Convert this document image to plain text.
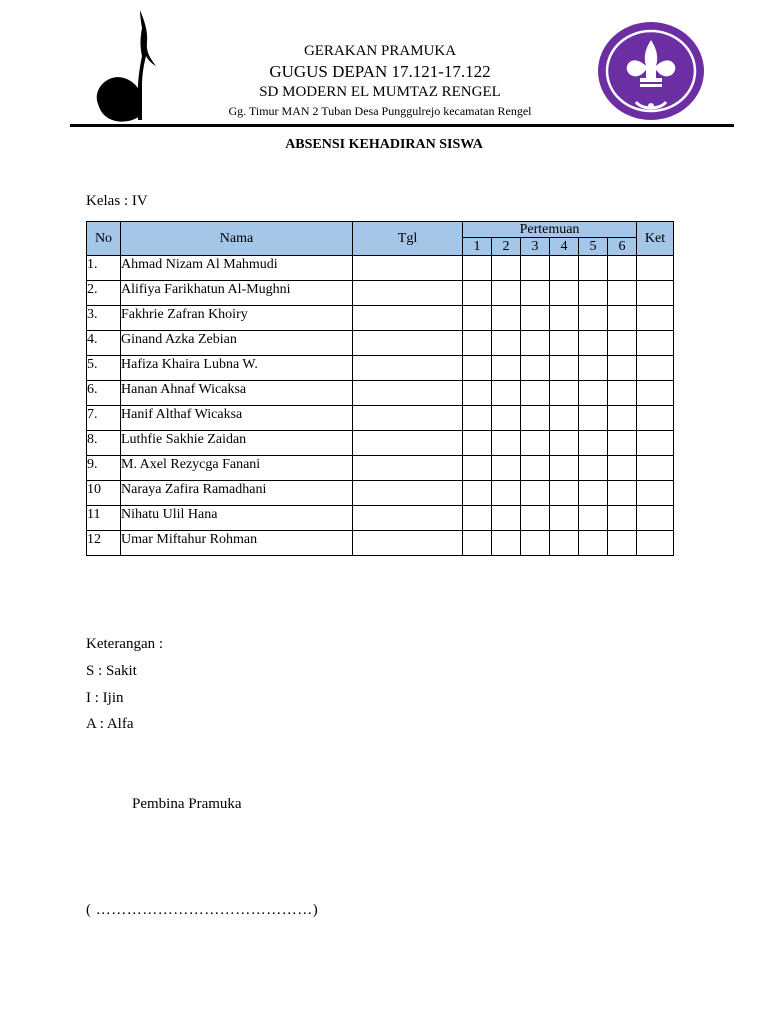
GERAKAN PRAMUKA
GUGUS DEPAN 17.121-17.122
SD MODERN EL MUMTAZ RENGEL
Gg. Timur MAN 2 Tuban Desa Punggulrejo kecamatan Rengel
ABSENSI KEHADIRAN SISWA
Kelas : IV
No	Nama	Tgl	Pertemuan						Ket
			1	2	3	4	5	6	
1.	Ahmad Nizam Al Mahmudi								
2.	Alifiya Farikhatun Al-Mughni								
3.	Fakhrie Zafran Khoiry								
4.	Ginand Azka Zebian								
5.	Hafiza Khaira Lubna W.								
6.	Hanan Ahnaf Wicaksa								
7.	Hanif Althaf Wicaksa								
8.	Luthfie Sakhie Zaidan								
9.	M. Axel Rezycga Fanani								
10	Naraya Zafira Ramadhani								
11	Nihatu Ulil Hana								
12	Umar Miftahur Rohman								
Keterangan :
S : Sakit
I : Ijin
A : Alfa
Pembina Pramuka
( ……………………………………)
